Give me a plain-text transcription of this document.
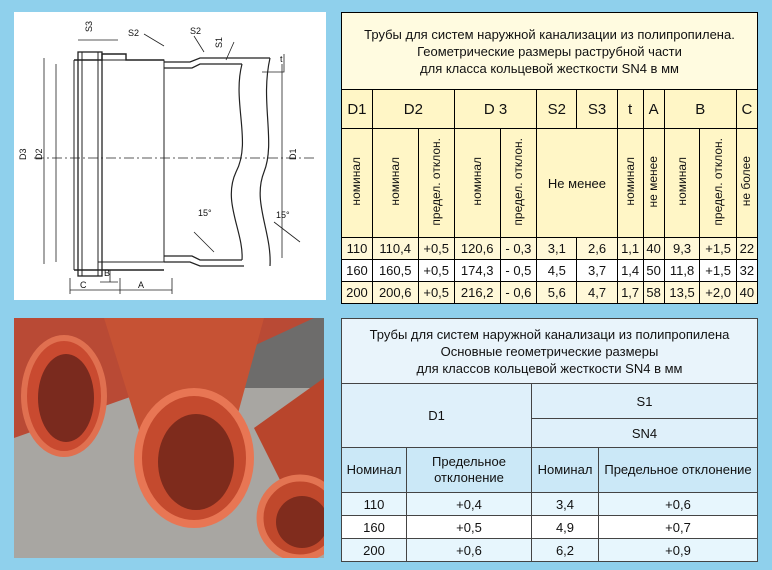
S3
S2	S2
S1
t
D3 D2	D1
15°	15°
C
B
A
Трубы для систем наружной канализации из полипропилена.
Геометрические размеры раструбной части
для класса кольцевой жесткости SN4 в мм											

D1	D2		D 3		S2	S3	t	A	B		C
номинал	номинал	предел. отклон.	номинал	предел. отклон.	Не менее		номинал	не менее	номинал	предел. отклон.	не более
110	110,4	+0,5	120,6	- 0,3	3,1	2,6	1,1	40	9,3	+1,5	22
160	160,5	+0,5	174,3	- 0,5	4,5	3,7	1,4	50	11,8	+1,5	32
200	200,6	+0,5	216,2	- 0,6	5,6	4,7	1,7	58	13,5	+2,0	40
Трубы для систем наружной канализаци из полипропилена
Основные геометрические размеры
для классов кольцевой жесткости SN4 в мм			

D1		S1	
		SN4	
Номинал	Предельное отклонение	Номинал	Предельное отклонение
110	+0,4	3,4	+0,6
160	+0,5	4,9	+0,7
200	+0,6	6,2	+0,9
